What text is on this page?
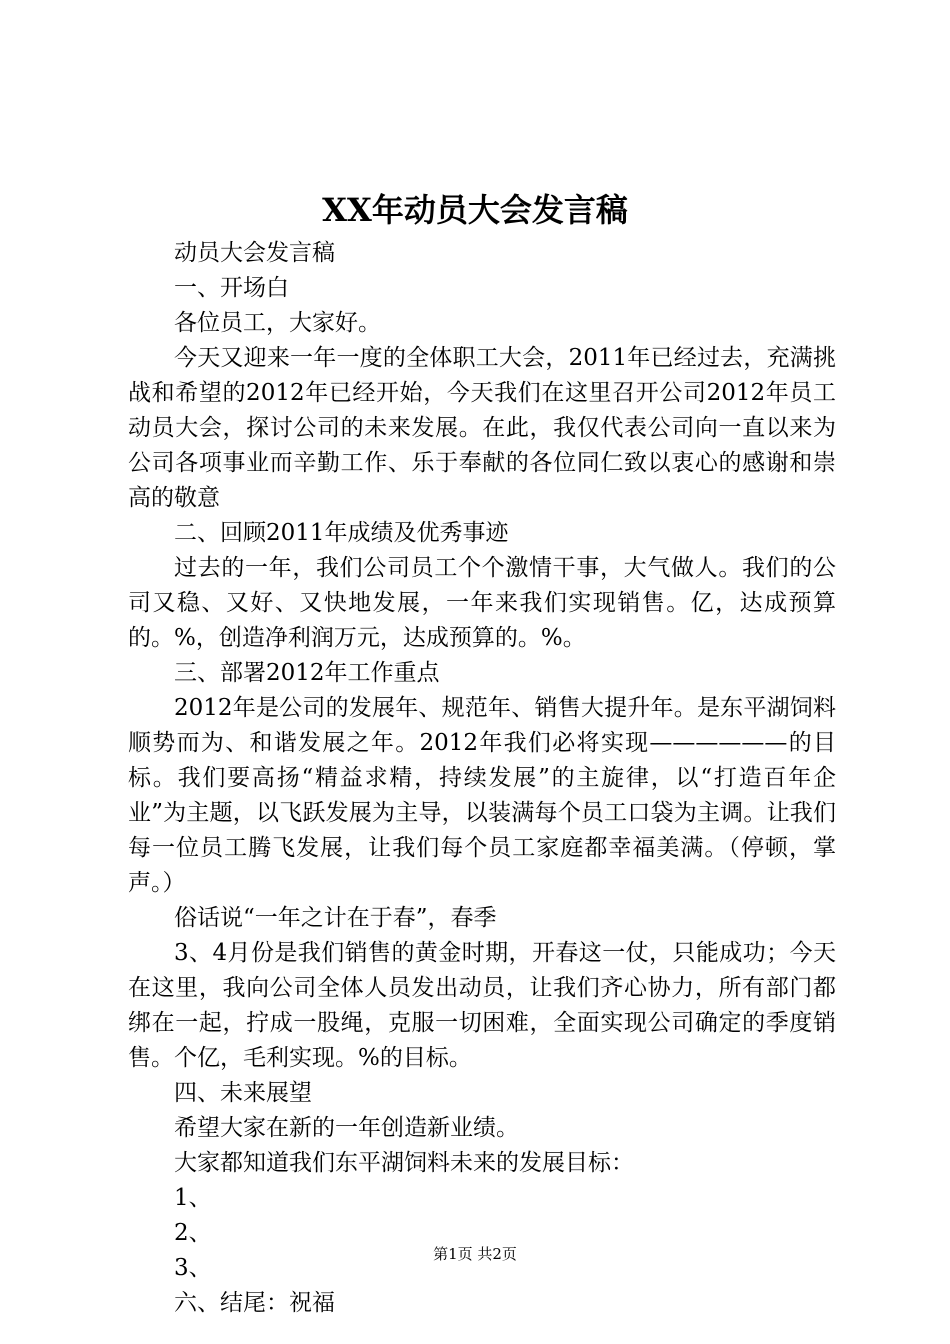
XX年动员大会发言稿

动员大会发言稿

一、开场白

各位员工，大家好。

今天又迎来一年一度的全体职工大会，2011年已经过去，充满挑战和希望的2012年已经开始，今天我们在这里召开公司2012年员工动员大会，探讨公司的未来发展。在此，我仅代表公司向一直以来为公司各项事业而辛勤工作、乐于奉献的各位同仁致以衷心的感谢和崇高的敬意

二、回顾2011年成绩及优秀事迹

过去的一年，我们公司员工个个激情干事，大气做人。我们的公司又稳、又好、又快地发展，一年来我们实现销售。亿，达成预算的。%，创造净利润万元，达成预算的。%。

三、部署2012年工作重点

2012年是公司的发展年、规范年、销售大提升年。是东平湖饲料顺势而为、和谐发展之年。2012年我们必将实现——————的目标。我们要高扬“精益求精，持续发展”的主旋律，以“打造百年企业”为主题，以飞跃发展为主导，以装满每个员工口袋为主调。让我们每一位员工腾飞发展，让我们每个员工家庭都幸福美满。（停顿，掌声。）

俗话说“一年之计在于春”，春季

3、4月份是我们销售的黄金时期，开春这一仗，只能成功；今天在这里，我向公司全体人员发出动员，让我们齐心协力，所有部门都绑在一起，拧成一股绳，克服一切困难，全面实现公司确定的季度销售。个亿，毛利实现。%的目标。

四、未来展望

希望大家在新的一年创造新业绩。

大家都知道我们东平湖饲料未来的发展目标：

1、

2、

3、

六、结尾：祝福

第1页 共2页
